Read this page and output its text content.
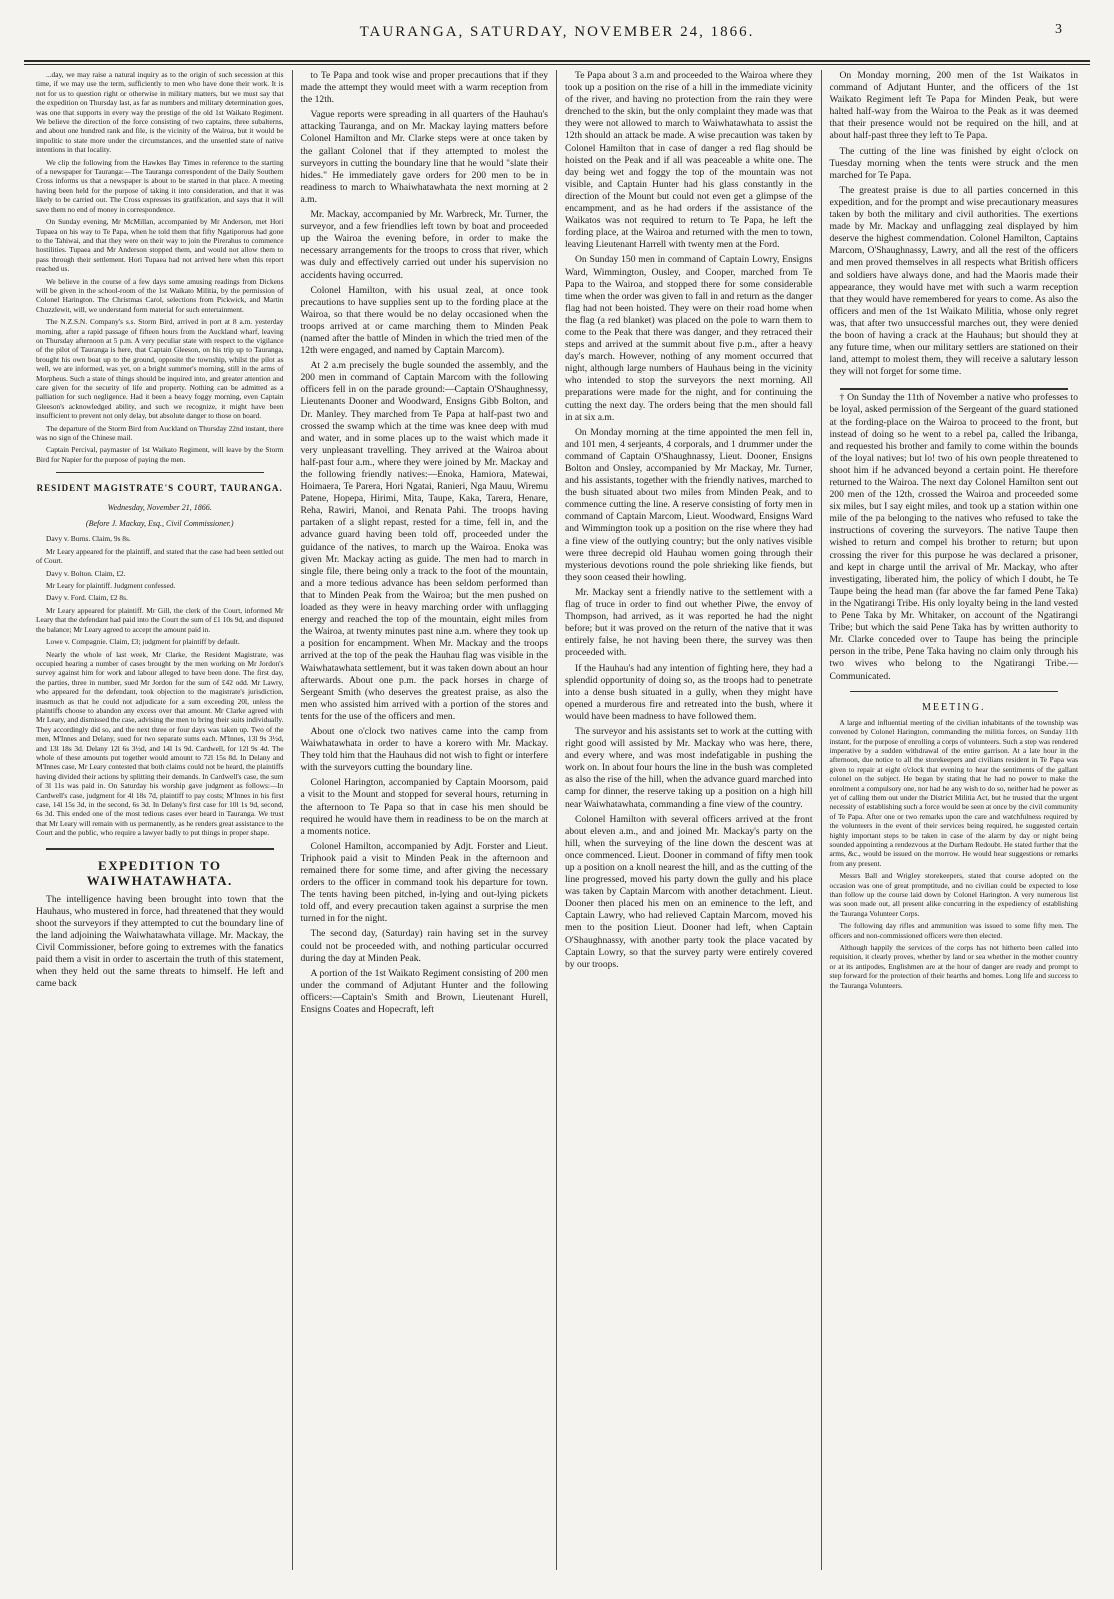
TAURANGA, SATURDAY, NOVEMBER 24, 1866.	3

...day, we may raise a natural inquiry as to the origin of such secession at this time, if we may use the term, sufficiently to men who have done their work. It is not for us to question right or otherwise in military matters, but we must say that the expedition on Thursday last, as far as numbers and military determination goes, was one that supports in every way the prestige of the old 1st Waikato Regiment. We believe the direction of the force consisting of two captains, three subalterns, and about one hundred rank and file, is the vicinity of the Wairoa, but it would be impolitic to state more under the circumstances, and the unsettled state of native intentions in that locality.

We clip the following from the Hawkes Bay Times in reference to the starting of a newspaper for Tauranga:—The Tauranga correspondent of the Daily Southern Cross informs us that a newspaper is about to be started in that place. A meeting having been held for the purpose of taking it into consideration, and that it was likely to be carried out. The Cross expresses its gratification, and says that it will save them no end of money in correspondence.

On Sunday evening, Mr McMillan, accompanied by Mr Anderson, met Hori Tupaea on his way to Te Papa, when he told them that fifty Ngatiporous had gone to the Tahiwai, and that they were on their way to join the Pirerahus to commence hostilities. Tupaea and Mr Anderson stopped them, and would not allow them to pass through their settlement. Hori Tupaea had not arrived here when this report reached us.

We believe in the course of a few days some amusing readings from Dickens will be given in the school-room of the 1st Waikato Militia, by the permission of Colonel Harington. The Christmas Carol, selections from Pickwick, and Martin Chuzzlewit, will, we understand form material for such entertainment.

The N.Z.S.N. Company's s.s. Storm Bird, arrived in port at 8 a.m. yesterday morning, after a rapid passage of fifteen hours from the Auckland wharf, leaving on Thursday afternoon at 5 p.m. A very peculiar state with respect to the vigilance of the pilot of Tauranga is here, that Captain Gleeson, on his trip up to Tauranga, brought his own boat up to the ground, opposite the township, whilst the pilot as well, we are informed, was yet, on a bright summer's morning, still in the arms of Morpheus. Such a state of things should be inquired into, and greater attention and care given for the security of life and property. Nothing can be admitted as a palliation for such negligence. Had it been a heavy foggy morning, even Captain Gleeson's acknowledged ability, and such we recognize, it might have been insufficient to prevent not only delay, but absolute danger to those on board.

The departure of the Storm Bird from Auckland on Thursday 22nd instant, there was no sign of the Chinese mail.

Captain Percival, paymaster of 1st Waikato Regiment, will leave by the Storm Bird for Napier for the purpose of paying the men.

RESIDENT MAGISTRATE'S COURT, TAURANGA.

Wednesday, November 21, 1866.

(Before J. Mackay, Esq., Civil Commissioner.)

Davy v. Burns. Claim, 9s 8s.

Mr Leary appeared for the plaintiff, and stated that the case had been settled out of Court.

Davy v. Bolton. Claim, £2.

Mr Leary for plaintiff. Judgment confessed.

Davy v. Ford. Claim, £2 8s.

Mr Leary appeared for plaintiff. Mr Gill, the clerk of the Court, informed Mr Leary that the defendant had paid into the Court the sum of £1 10s 9d, and disputed the balance; Mr Leary agreed to accept the amount paid in.

Lowe v. Compagnie. Claim, £3; judgment for plaintiff by default.

Nearly the whole of last week, Mr Clarke, the Resident Magistrate, was occupied hearing a number of cases brought by the men working on Mr Jordon's survey against him for work and labour alleged to have been done. The first day, the parties, three in number, sued Mr Jordon for the sum of £42 odd. Mr Lawry, who appeared for the defendant, took objection to the magistrate's jurisdiction, inasmuch as that he could not adjudicate for a sum exceeding 20l, unless the plaintiffs choose to abandon any excess over that amount. Mr Clarke agreed with Mr Leary, and dismissed the case, advising the men to bring their suits individually. They accordingly did so, and the next three or four days was taken up. Two of the men, M'Innes and Delany, sued for two separate sums each. M'Innes, 13l 9s 3½d, and 13l 18s 3d. Delany 12l 6s 3½d, and 14l 1s 9d. Cardwell, for 12l 9s 4d. The whole of these amounts put together would amount to 72l 15s 8d. In Delany and M'Innes case, Mr Leary contested that both claims could not be heard, the plaintiffs having divided their actions by splitting their demands. In Cardwell's case, the sum of 3l 11s was paid in. On Saturday his worship gave judgment as follows:—In Cardwell's case, judgment for 4l 18s 7d, plaintiff to pay costs; M'Innes in his first case, 14l 15s 3d, in the second, 6s 3d. In Delany's first case for 10l 1s 9d, second, 6s 3d. This ended one of the most tedious cases ever heard in Tauranga. We trust that Mr Leary will remain with us permanently, as he renders great assistance to the Court and the public, who require a lawyer badly to put things in proper shape.

EXPEDITION TO WAIWHATAWHATA.

The intelligence having been brought into town that the Hauhaus, who mustered in force, had threatened that they would shoot the surveyors if they attempted to cut the boundary line of the land adjoining the Waiwhatawhata village. Mr. Mackay, the Civil Commissioner, before going to extremes with the fanatics paid them a visit in order to ascertain the truth of this statement, when they held out the same threats to himself. He left and came back

to Te Papa and took wise and proper precautions that if they made the attempt they would meet with a warm reception from the 12th.

Vague reports were spreading in all quarters of the Hauhau's attacking Tauranga, and on Mr. Mackay laying matters before Colonel Hamilton and Mr. Clarke steps were at once taken by the gallant Colonel that if they attempted to molest the surveyors in cutting the boundary line that he would "slate their hides." He immediately gave orders for 200 men to be in readiness to march to Whaiwhatawhata the next morning at 2 a.m.

Mr. Mackay, accompanied by Mr. Warbreck, Mr. Turner, the surveyor, and a few friendlies left town by boat and proceeded up the Wairoa the evening before, in order to make the necessary arrangements for the troops to cross that river, which was duly and effectively carried out under his supervision no accidents having occurred.

Colonel Hamilton, with his usual zeal, at once took precautions to have supplies sent up to the fording place at the Wairoa, so that there would be no delay occasioned when the troops arrived at or came marching them to Minden Peak (named after the battle of Minden in which the tried men of the 12th were engaged, and named by Captain Marcom).

At 2 a.m precisely the bugle sounded the assembly, and the 200 men in command of Captain Marcom with the following officers fell in on the parade ground:—Captain O'Shaughnessy, Lieutenants Dooner and Woodward, Ensigns Gibb Bolton, and Dr. Manley. They marched from Te Papa at half-past two and crossed the swamp which at the time was knee deep with mud and water, and in some places up to the waist which made it very unpleasant travelling. They arrived at the Wairoa about half-past four a.m., where they were joined by Mr. Mackay and the following friendly natives:—Enoka, Hamiora, Matewai, Hoimaera, Te Parera, Hori Ngatai, Ranieri, Nga Mauu, Wiremu Patene, Hopepa, Hirimi, Mita, Taupe, Kaka, Tarera, Henare, Reha, Rawiri, Manoi, and Renata Pahi. The troops having partaken of a slight repast, rested for a time, fell in, and the advance guard having been told off, proceeded under the guidance of the natives, to march up the Wairoa. Enoka was given Mr. Mackay acting as guide. The men had to march in single file, there being only a track to the foot of the mountain, and a more tedious advance has been seldom performed than that to Minden Peak from the Wairoa; but the men pushed on loaded as they were in heavy marching order with unflagging energy and reached the top of the mountain, eight miles from the Wairoa, at twenty minutes past nine a.m. where they took up a position for encampment. When Mr. Mackay and the troops arrived at the top of the peak the Hauhau flag was visible in the Waiwhatawhata settlement, but it was taken down about an hour afterwards. About one p.m. the pack horses in charge of Sergeant Smith (who deserves the greatest praise, as also the men who assisted him arrived with a portion of the stores and tents for the use of the officers and men.

About one o'clock two natives came into the camp from Waiwhatawhata in order to have a korero with Mr. Mackay. They told him that the Hauhaus did not wish to fight or interfere with the surveyors cutting the boundary line.

Colonel Harington, accompanied by Captain Moorsom, paid a visit to the Mount and stopped for several hours, returning in the afternoon to Te Papa so that in case his men should be required he would have them in readiness to be on the march at a moments notice.

Colonel Hamilton, accompanied by Adjt. Forster and Lieut. Triphook paid a visit to Minden Peak in the afternoon and remained there for some time, and after giving the necessary orders to the officer in command took his departure for town. The tents having been pitched, in-lying and out-lying pickets told off, and every precaution taken against a surprise the men turned in for the night.

The second day, (Saturday) rain having set in the survey could not be proceeded with, and nothing particular occurred during the day at Minden Peak.

A portion of the 1st Waikato Regiment consisting of 200 men under the command of Adjutant Hunter and the following officers:—Captain's Smith and Brown, Lieutenant Hurell, Ensigns Coates and Hopecraft, left

Te Papa about 3 a.m and proceeded to the Wairoa where they took up a position on the rise of a hill in the immediate vicinity of the river, and having no protection from the rain they were drenched to the skin, but the only complaint they made was that they were not allowed to march to Waiwhatawhata to assist the 12th should an attack be made. A wise precaution was taken by Colonel Hamilton that in case of danger a red flag should be hoisted on the Peak and if all was peaceable a white one. The day being wet and foggy the top of the mountain was not visible, and Captain Hunter had his glass constantly in the direction of the Mount but could not even get a glimpse of the encampment, and as he had orders if the assistance of the Waikatos was not required to return to Te Papa, he left the fording place, at the Wairoa and returned with the men to town, leaving Lieutenant Harrell with twenty men at the Ford.

On Sunday 150 men in command of Captain Lowry, Ensigns Ward, Wimmington, Ousley, and Cooper, marched from Te Papa to the Wairoa, and stopped there for some considerable time when the order was given to fall in and return as the danger flag had not been hoisted. They were on their road home when the flag (a red blanket) was placed on the pole to warn them to come to the Peak that there was danger, and they retraced their steps and arrived at the summit about five p.m., after a heavy day's march. However, nothing of any moment occurred that night, although large numbers of Hauhaus being in the vicinity who intended to stop the surveyors the next morning. All preparations were made for the night, and for continuing the cutting the next day. The orders being that the men should fall in at six a.m.

On Monday morning at the time appointed the men fell in, and 101 men, 4 serjeants, 4 corporals, and 1 drummer under the command of Captain O'Shaughnassy, Lieut. Dooner, Ensigns Bolton and Onsley, accompanied by Mr Mackay, Mr. Turner, and his assistants, together with the friendly natives, marched to the bush situated about two miles from Minden Peak, and to commence cutting the line. A reserve consisting of forty men in command of Captain Marcom, Lieut. Woodward, Ensigns Ward and Wimmington took up a position on the rise where they had a fine view of the outlying country; but the only natives visible were three decrepid old Hauhau women going through their mysterious devotions round the pole shrieking like fiends, but they soon ceased their howling.

Mr. Mackay sent a friendly native to the settlement with a flag of truce in order to find out whether Piwe, the envoy of Thompson, had arrived, as it was reported he had the night before; but it was proved on the return of the native that it was entirely false, he not having been there, the survey was then proceeded with.

If the Hauhau's had any intention of fighting here, they had a splendid opportunity of doing so, as the troops had to penetrate into a dense bush situated in a gully, when they might have opened a murderous fire and retreated into the bush, where it would have been madness to have followed them.

The surveyor and his assistants set to work at the cutting with right good will assisted by Mr. Mackay who was here, there, and every where, and was most indefatigable in pushing the work on. In about four hours the line in the bush was completed as also the rise of the hill, when the advance guard marched into camp for dinner, the reserve taking up a position on a high hill near Waiwhatawhata, commanding a fine view of the country.

Colonel Hamilton with several officers arrived at the front about eleven a.m., and and joined Mr. Mackay's party on the hill, when the surveying of the line down the descent was at once commenced. Lieut. Dooner in command of fifty men took up a position on a knoll nearest the hill, and as the cutting of the line progressed, moved his party down the gully and his place was taken by Captain Marcom with another detachment. Lieut. Dooner then placed his men on an eminence to the left, and Captain Lawry, who had relieved Captain Marcom, moved his men to the position Lieut. Dooner had left, when Captain O'Shaughnassy, with another party took the place vacated by Captain Lowry, so that the survey party were entirely covered by our troops.

On Monday morning, 200 men of the 1st Waikatos in command of Adjutant Hunter, and the officers of the 1st Waikato Regiment left Te Papa for Minden Peak, but were halted half-way from the Wairoa to the Peak as it was deemed that their presence would not be required on the hill, and at about half-past three they left to Te Papa.

The cutting of the line was finished by eight o'clock on Tuesday morning when the tents were struck and the men marched for Te Papa.

The greatest praise is due to all parties concerned in this expedition, and for the prompt and wise precautionary measures taken by both the military and civil authorities. The exertions made by Mr. Mackay and unflagging zeal displayed by him deserve the highest commendation. Colonel Hamilton, Captains Marcom, O'Shaughnassy, Lawry, and all the rest of the officers and men proved themselves in all respects what British officers and soldiers have always done, and had the Maoris made their appearance, they would have met with such a warm reception that they would have remembered for years to come. As also the officers and men of the 1st Waikato Militia, whose only regret was, that after two unsuccessful marches out, they were denied the boon of having a crack at the Hauhaus; but should they at any future time, when our military settlers are stationed on their land, attempt to molest them, they will receive a salutary lesson they will not forget for some time.

† On Sunday the 11th of November a native who professes to be loyal, asked permission of the Sergeant of the guard stationed at the fording-place on the Wairoa to proceed to the front, but instead of doing so he went to a rebel pa, called the Iribanga, and requested his brother and family to come within the bounds of the loyal natives; but lo! two of his own people threatened to shoot him if he advanced beyond a certain point. He therefore returned to the Wairoa. The next day Colonel Hamilton sent out 200 men of the 12th, crossed the Wairoa and proceeded some six miles, but I say eight miles, and took up a station within one mile of the pa belonging to the natives who refused to take the instructions of covering the surveyors. The native Taupe then wished to return and compel his brother to return; but upon crossing the river for this purpose he was declared a prisoner, and kept in charge until the arrival of Mr. Mackay, who after investigating, liberated him, the policy of which I doubt, he Te Taupe being the head man (far above the far famed Pene Taka) in the Ngatirangi Tribe. His only loyalty being in the land vested to Pene Taka by Mr. Whitaker, on account of the Ngatirangi Tribe; but which the said Pene Taka has by written authority to Mr. Clarke conceded over to Taupe has being the principle person in the tribe, Pene Taka having no claim only through his two wives who belong to the Ngatirangi Tribe.—Communicated.

MEETING.

A large and influential meeting of the civilian inhabitants of the township was convened by Colonel Harington, commanding the militia forces, on Sunday 11th instant, for the purpose of enrolling a corps of volunteers. Such a step was rendered imperative by a sudden withdrawal of the entire garrison. At a late hour in the afternoon, due notice to all the storekeepers and civilians resident in Te Papa was given to repair at eight o'clock that evening to hear the sentiments of the gallant colonel on the subject. He began by stating that he had no power to make the enrolment a compulsory one, nor had he any wish to do so, neither had he power as yet of calling them out under the District Militia Act, but he trusted that the urgent necessity of establishing such a force would be seen at once by the civil community of Te Papa. After one or two remarks upon the care and watchfulness required by the volunteers in the event of their services being required, he suggested certain highly important steps to be taken in case of the alarm by day or night being sounded appointing a rendezvous at the Durham Redoubt. He stated further that the arms, &c., would be issued on the morrow. He would hear suggestions or remarks from any present.

Messrs Ball and Wrigley storekeepers, stated that course adopted on the occasion was one of great promptitude, and no civilian could be expected to lose than follow up the course laid down by Colonel Harington. A very numerous list was soon made out, all present alike concurring in the expediency of establishing the Tauranga Volunteer Corps.

The following day rifles and ammunition was issued to some fifty men. The officers and non-commissioned officers were then elected.

Although happily the services of the corps has not hitherto been called into requisition, it clearly proves, whether by land or sea whether in the mother country or at its antipodes, Englishmen are at the hour of danger are ready and prompt to step forward for the protection of their hearths and homes. Long life and success to the Tauranga Volunteers.
